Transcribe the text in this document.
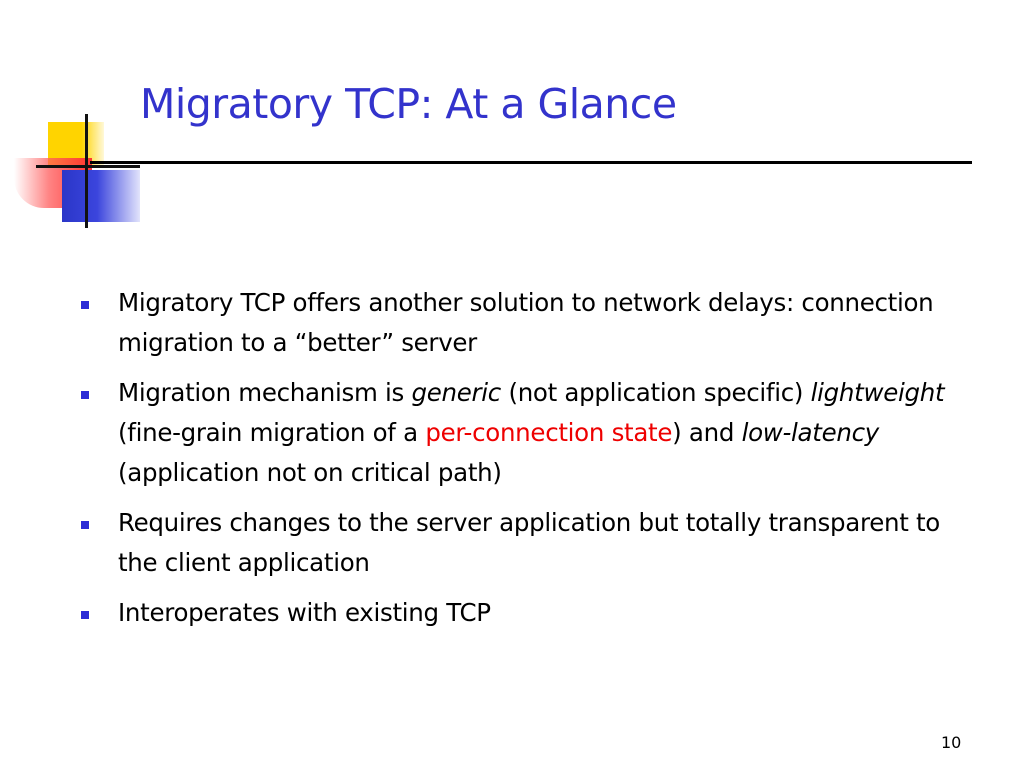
Migratory TCP: At a Glance
Migratory TCP offers another solution to network delays: connection migration to a “better” server
Migration mechanism is generic (not application specific) lightweight (fine-grain migration of a per-connection state) and low-latency (application not on critical path)
Requires changes to the server application but totally transparent to the client application
Interoperates with existing TCP
10
